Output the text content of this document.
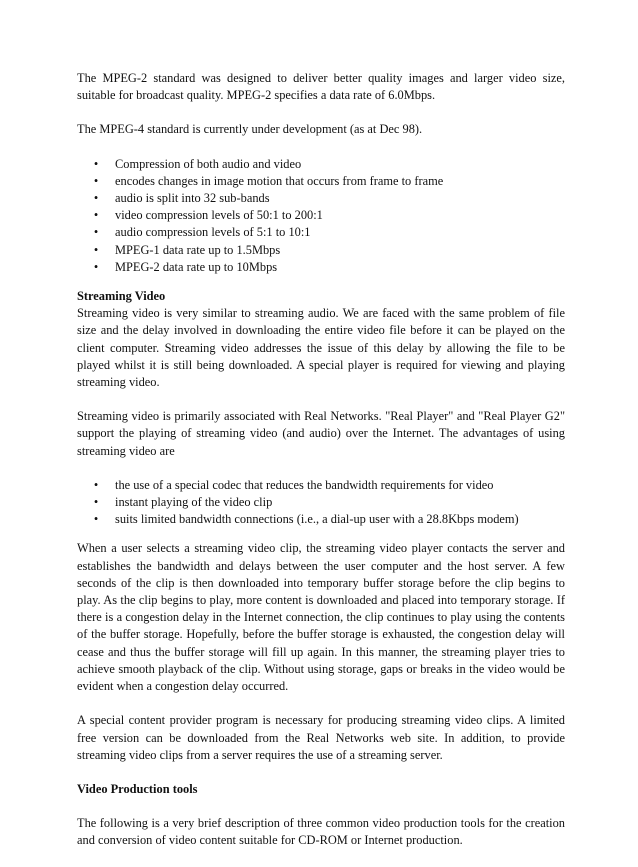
The MPEG-2 standard was designed to deliver better quality images and larger video size, suitable for broadcast quality. MPEG-2 specifies a data rate of 6.0Mbps.

The MPEG-4 standard is currently under development (as at Dec 98).

• Compression of both audio and video
• encodes changes in image motion that occurs from frame to frame
• audio is split into 32 sub-bands
• video compression levels of 50:1 to 200:1
• audio compression levels of 5:1 to 10:1
• MPEG-1 data rate up to 1.5Mbps
• MPEG-2 data rate up to 10Mbps

Streaming Video

Streaming video is very similar to streaming audio. We are faced with the same problem of file size and the delay involved in downloading the entire video file before it can be played on the client computer. Streaming video addresses the issue of this delay by allowing the file to be played whilst it is still being downloaded. A special player is required for viewing and playing streaming video.

Streaming video is primarily associated with Real Networks. "Real Player" and "Real Player G2" support the playing of streaming video (and audio) over the Internet. The advantages of using streaming video are

• the use of a special codec that reduces the bandwidth requirements for video
• instant playing of the video clip
• suits limited bandwidth connections (i.e., a dial-up user with a 28.8Kbps modem)

When a user selects a streaming video clip, the streaming video player contacts the server and establishes the bandwidth and delays between the user computer and the host server. A few seconds of the clip is then downloaded into temporary buffer storage before the clip begins to play. As the clip begins to play, more content is downloaded and placed into temporary storage. If there is a congestion delay in the Internet connection, the clip continues to play using the contents of the buffer storage. Hopefully, before the buffer storage is exhausted, the congestion delay will cease and thus the buffer storage will fill up again. In this manner, the streaming player tries to achieve smooth playback of the clip. Without using storage, gaps or breaks in the video would be evident when a congestion delay occurred.

A special content provider program is necessary for producing streaming video clips. A limited free version can be downloaded from the Real Networks web site. In addition, to provide streaming video clips from a server requires the use of a streaming server.

Video Production tools

The following is a very brief description of three common video production tools for the creation and conversion of video content suitable for CD-ROM or Internet production.
